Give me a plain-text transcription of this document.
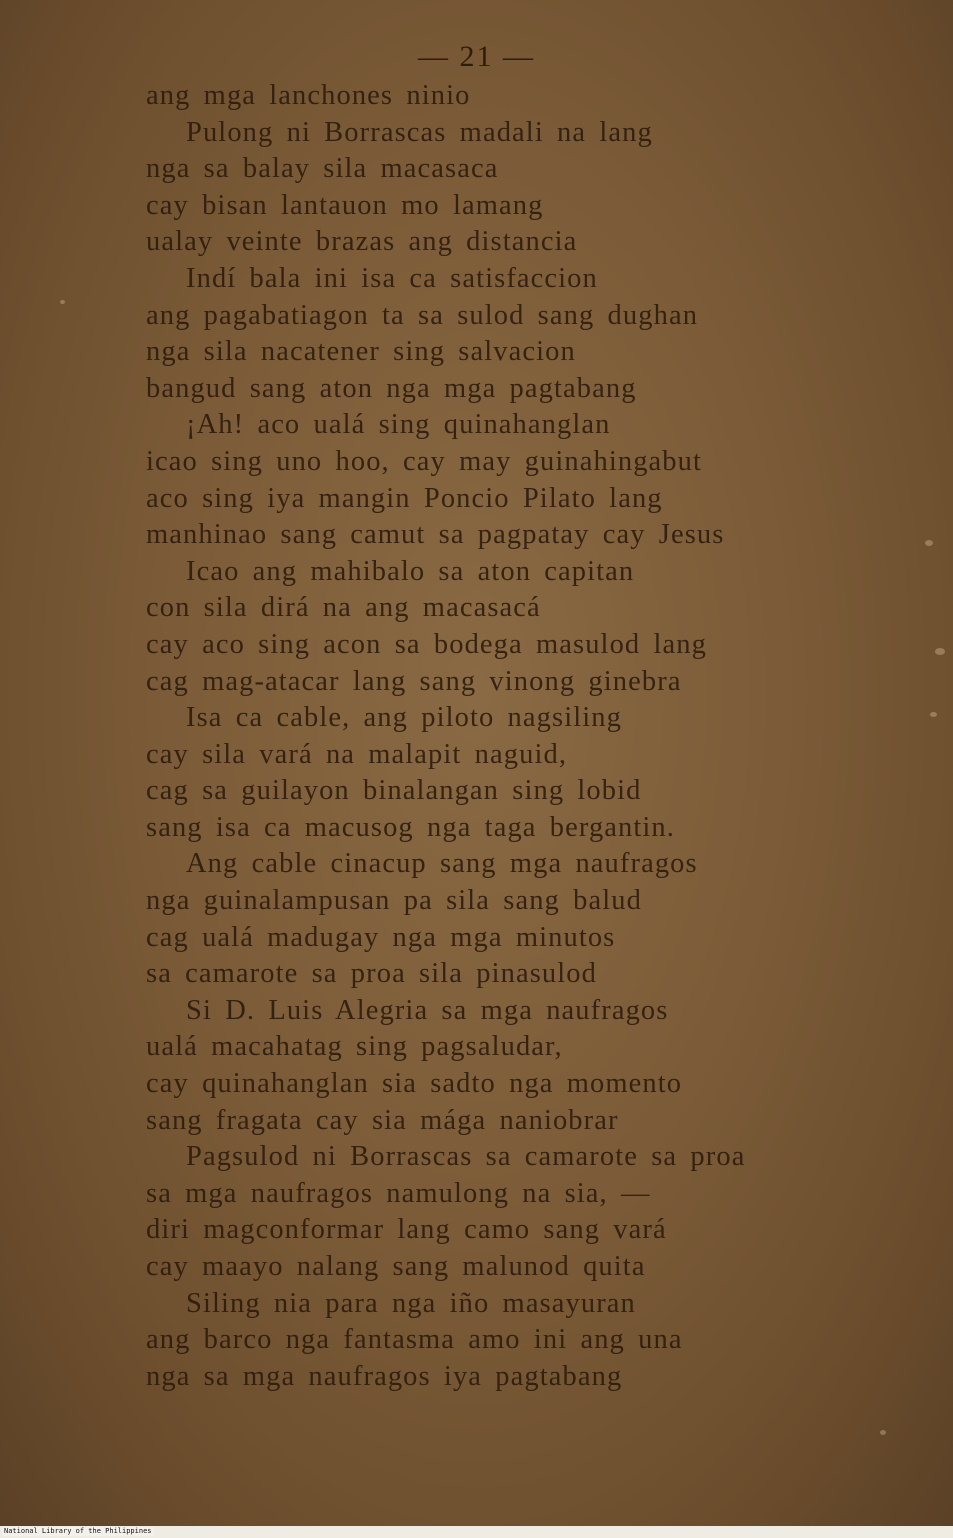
— 21 —
ang mga lanchones ninio
Pulong ni Borrascas madali na lang
nga sa balay sila macasaca
cay bisan lantauon mo lamang
ualay veinte brazas ang distancia
Indí bala ini isa ca satisfaccion
ang pagabatiagon ta sa sulod sang dughan
nga sila nacatener sing salvacion
bangud sang aton nga mga pagtabang
¡Ah! aco ualá sing quinahanglan
icao sing uno hoo, cay may guinahingabut
aco sing iya mangin Poncio Pilato lang
manhinao sang camut sa pagpatay cay Jesus
Icao ang mahibalo sa aton capitan
con sila dirá na ang macasacá
cay aco sing acon sa bodega masulod lang
cag mag-atacar lang sang vinong ginebra
Isa ca cable, ang piloto nagsiling
cay sila vará na malapit naguid,
cag sa guilayon binalangan sing lobid
sang isa ca macusog nga taga bergantin.
Ang cable cinacup sang mga naufragos
nga guinalampusan pa sila sang balud
cag ualá madugay nga mga minutos
sa camarote sa proa sila pinasulod
Si D. Luis Alegria sa mga naufragos
ualá macahatag sing pagsaludar,
cay quinahanglan sia sadto nga momento
sang fragata cay sia mága naniobrar
Pagsulod ni Borrascas sa camarote sa proa
sa mga naufragos namulong na sia, —
diri magconformar lang camo sang vará
cay maayo nalang sang malunod quita
Siling nia para nga iño masayuran
ang barco nga fantasma amo ini ang una
nga sa mga naufragos iya pagtabang
National Library of the Philippines
